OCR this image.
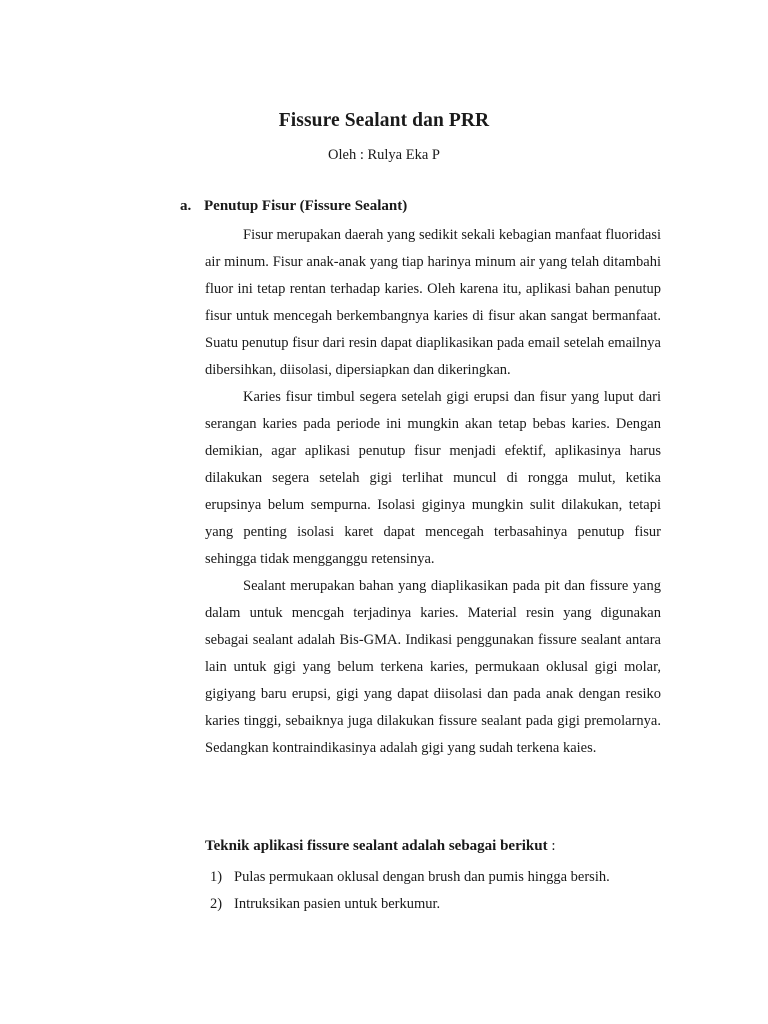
Fissure Sealant dan PRR
Oleh : Rulya Eka P
a. Penutup Fisur (Fissure Sealant)

Fisur merupakan daerah yang sedikit sekali kebagian manfaat fluoridasi air minum. Fisur anak-anak yang tiap harinya minum air yang telah ditambahi fluor ini tetap rentan terhadap karies. Oleh karena itu, aplikasi bahan penutup fisur untuk mencegah berkembangnya karies di fisur akan sangat bermanfaat. Suatu penutup fisur dari resin dapat diaplikasikan pada email setelah emailnya dibersihkan, diisolasi, dipersiapkan dan dikeringkan.

Karies fisur timbul segera setelah gigi erupsi dan fisur yang luput dari serangan karies pada periode ini mungkin akan tetap bebas karies. Dengan demikian, agar aplikasi penutup fisur menjadi efektif, aplikasinya harus dilakukan segera setelah gigi terlihat muncul di rongga mulut, ketika erupsinya belum sempurna. Isolasi giginya mungkin sulit dilakukan, tetapi yang penting isolasi karet dapat mencegah terbasahinya penutup fisur sehingga tidak mengganggu retensinya.

Sealant merupakan bahan yang diaplikasikan pada pit dan fissure yang dalam untuk mencgah terjadinya karies. Material resin yang digunakan sebagai sealant adalah Bis-GMA. Indikasi penggunakan fissure sealant antara lain untuk gigi yang belum terkena karies, permukaan oklusal gigi molar, gigiyang baru erupsi, gigi yang dapat diisolasi dan pada anak dengan resiko karies tinggi, sebaiknya juga dilakukan fissure sealant pada gigi premolarnya. Sedangkan kontraindikasinya adalah gigi yang sudah terkena kaies.

Teknik aplikasi fissure sealant adalah sebagai berikut :
1) Pulas permukaan oklusal dengan brush dan pumis hingga bersih.
2) Intruksikan pasien untuk berkumur.
